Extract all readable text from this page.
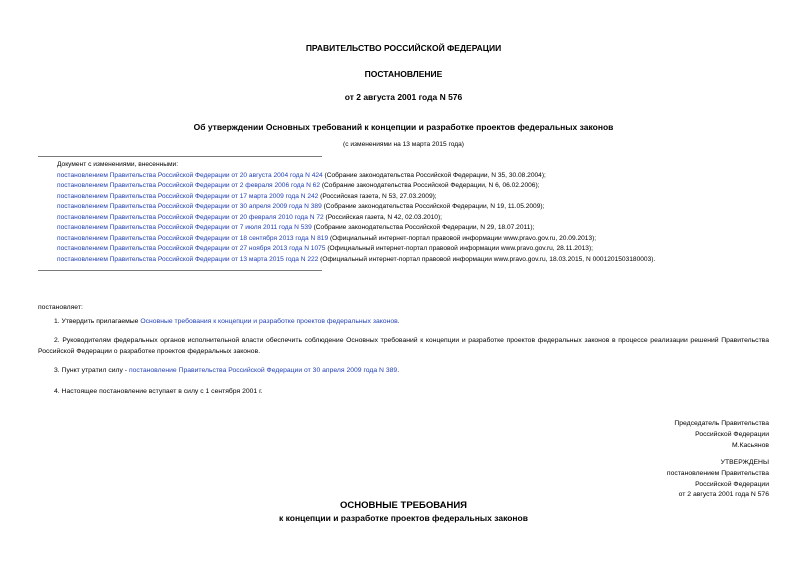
ПРАВИТЕЛЬСТВО РОССИЙСКОЙ ФЕДЕРАЦИИ
ПОСТАНОВЛЕНИЕ
от 2 августа 2001 года N 576
Об утверждении Основных требований к концепции и разработке проектов федеральных законов
(с изменениями на 13 марта 2015 года)
Документ с изменениями, внесенными:
постановлением Правительства Российской Федерации от 20 августа 2004 года N 424 (Собрание законодательства Российской Федерации, N 35, 30.08.2004);
постановлением Правительства Российской Федерации от 2 февраля 2006 года N 62 (Собрание законодательства Российской Федерации, N 6, 06.02.2006);
постановлением Правительства Российской Федерации от 17 марта 2009 года N 242 (Российская газета, N 53, 27.03.2009);
постановлением Правительства Российской Федерации от 30 апреля 2009 года N 389 (Собрание законодательства Российской Федерации, N 19, 11.05.2009);
постановлением Правительства Российской Федерации от 20 февраля 2010 года N 72 (Российская газета, N 42, 02.03.2010);
постановлением Правительства Российской Федерации от 7 июля 2011 года N 539 (Собрание законодательства Российской Федерации, N 29, 18.07.2011);
постановлением Правительства Российской Федерации от 18 сентября 2013 года N 819 (Официальный интернет-портал правовой информации www.pravo.gov.ru, 20.09.2013);
постановлением Правительства Российской Федерации от 27 ноября 2013 года N 1075 (Официальный интернет-портал правовой информации www.pravo.gov.ru, 28.11.2013);
постановлением Правительства Российской Федерации от 13 марта 2015 года N 222 (Официальный интернет-портал правовой информации www.pravo.gov.ru, 18.03.2015, N 0001201503180003).
постановляет:
1. Утвердить прилагаемые Основные требования к концепции и разработке проектов федеральных законов.
2. Руководителям федеральных органов исполнительной власти обеспечить соблюдение Основных требований к концепции и разработке проектов федеральных законов в процессе реализации решений Правительства Российской Федерации о разработке проектов федеральных законов.
3. Пункт утратил силу - постановление Правительства Российской Федерации от 30 апреля 2009 года N 389.
4. Настоящее постановление вступает в силу с 1 сентября 2001 г.
Председатель Правительства
Российской Федерации
М.Касьянов
УТВЕРЖДЕНЫ
постановлением Правительства
Российской Федерации
от 2 августа 2001 года N 576
ОСНОВНЫЕ ТРЕБОВАНИЯ
к концепции и разработке проектов федеральных законов
